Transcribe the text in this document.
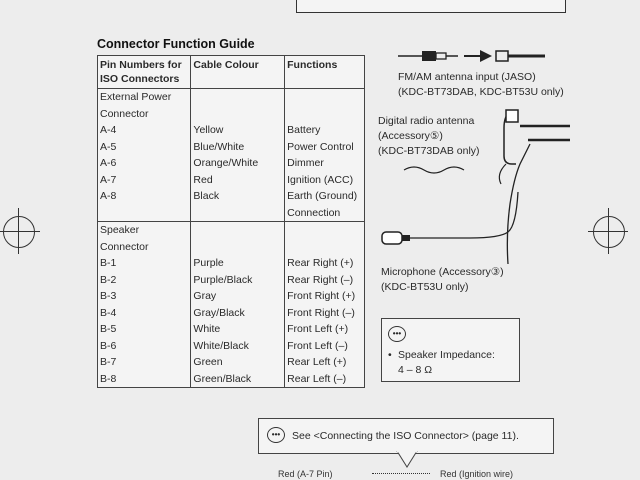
Connector Function Guide
Pin Numbers for ISO Connectors	Cable Colour	Functions
External Power Connector		
A-4	Yellow	Battery
A-5	Blue/White	Power Control
A-6	Orange/White	Dimmer
A-7	Red	Ignition (ACC)
A-8	Black	Earth (Ground) Connection
Speaker Connector		
B-1	Purple	Rear Right (+)
B-2	Purple/Black	Rear Right (–)
B-3	Gray	Front Right (+)
B-4	Gray/Black	Front Right (–)
B-5	White	Front Left (+)
B-6	White/Black	Front Left (–)
B-7	Green	Rear Left (+)
B-8	Green/Black	Rear Left (–)
FM/AM antenna input (JASO)
(KDC-BT73DAB, KDC-BT53U only)
Digital radio antenna
(Accessory⑤)
(KDC-BT73DAB only)
Microphone (Accessory③)
(KDC-BT53U only)
•••
• Speaker Impedance:
4 – 8 Ω
•••	See <Connecting the ISO Connector> (page 11).
Red (A-7 Pin)	Red (Ignition wire)
